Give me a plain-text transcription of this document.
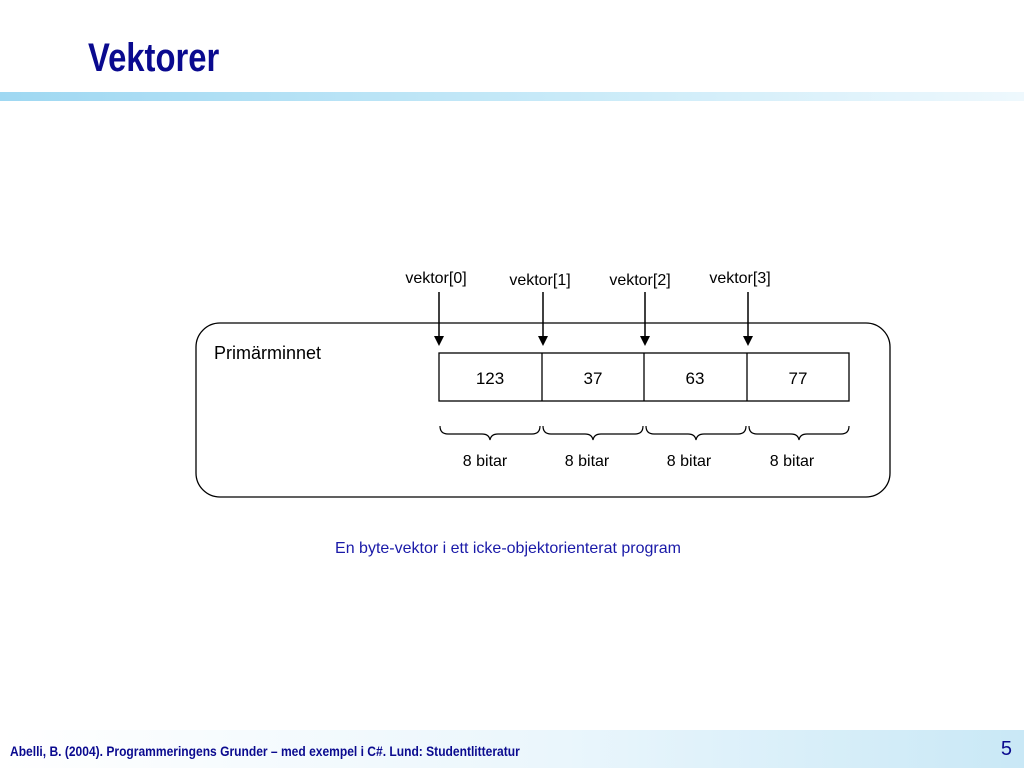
Vektorer
Primärminnet
vektor[0]	vektor[1] vektor[2] vektor[3]
123	37	63	77
8 bitar	8 bitar	8 bitar	8 bitar
En byte-vektor i ett icke-objektorienterat program
Abelli, B. (2004). Programmeringens Grunder – med exempel i C#. Lund: Studentlitteratur	5
